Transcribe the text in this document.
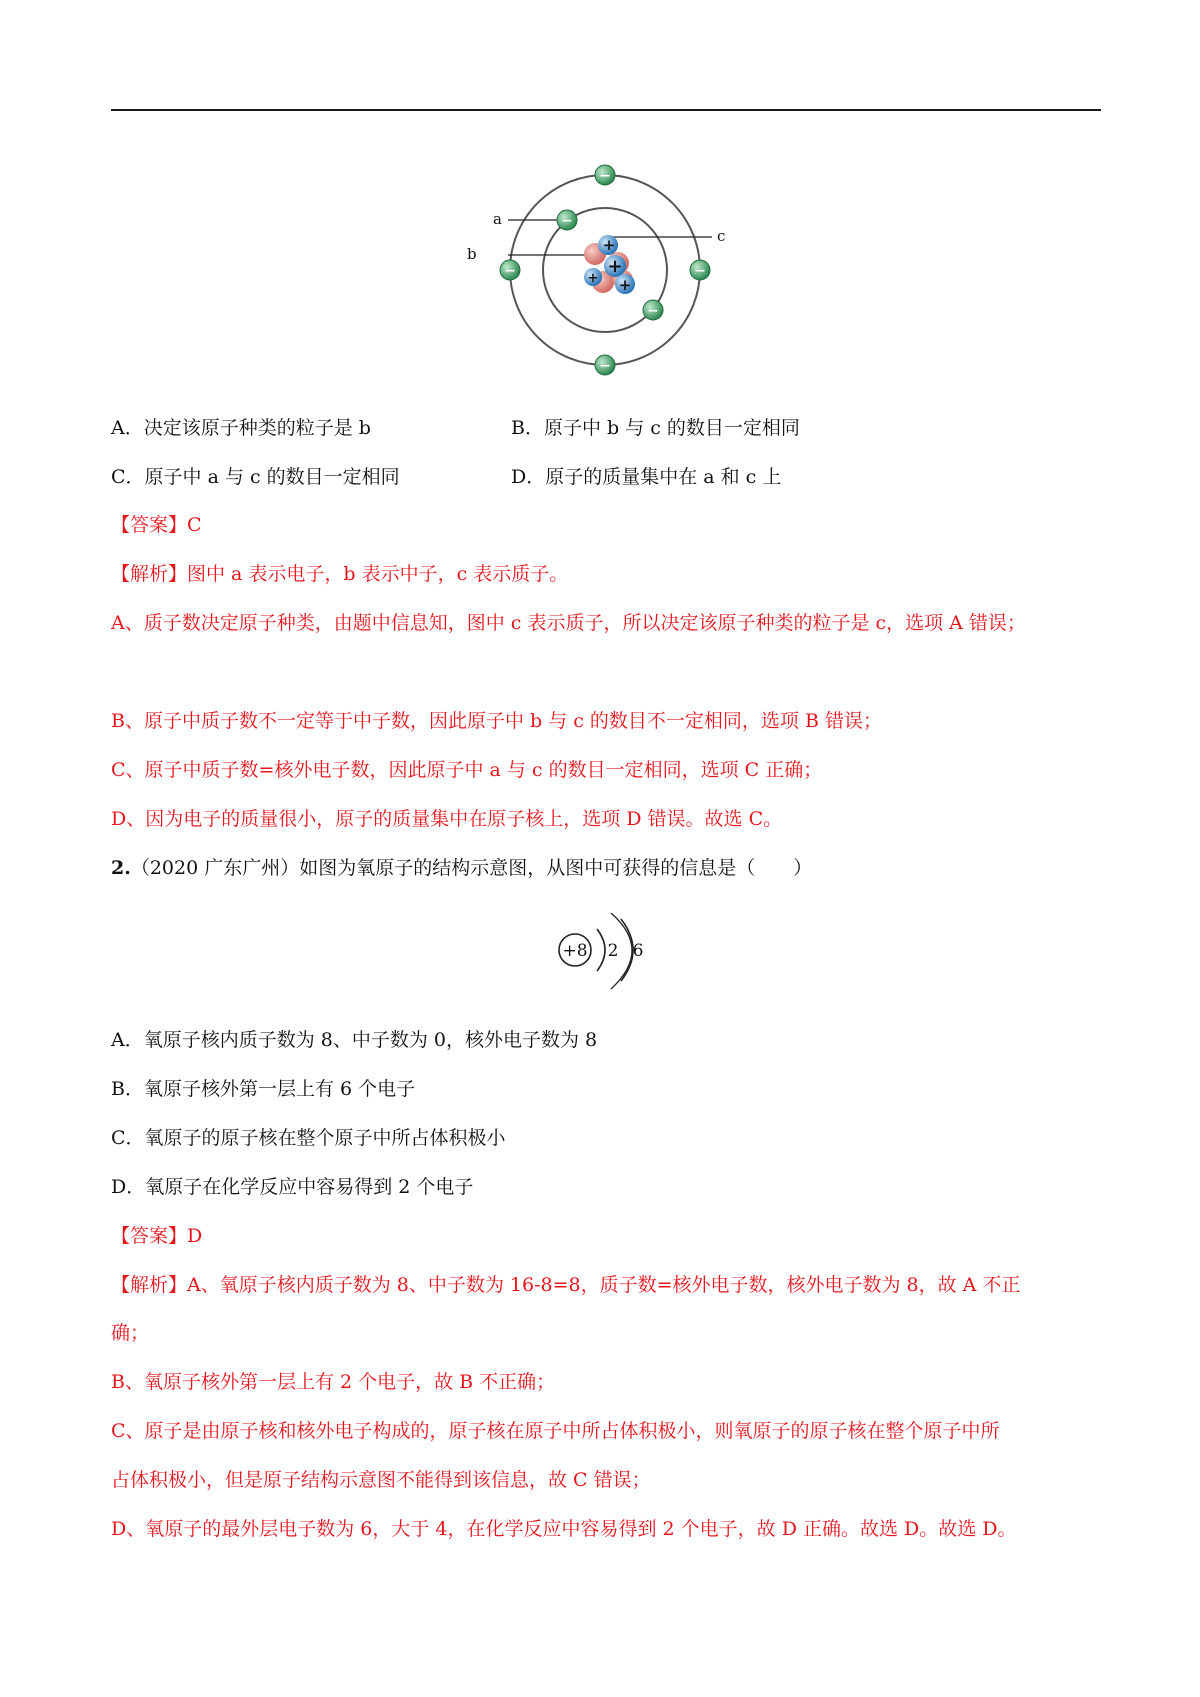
+
+
+ +
−
−
−	−
−
−
a
b
c
A．决定该原子种类的粒子是 b	B．原子中 b 与 c 的数目一定相同
C．原子中 a 与 c 的数目一定相同	D．原子的质量集中在 a 和 c 上
【答案】C
【解析】图中 a 表示电子，b 表示中子，c 表示质子。
A、质子数决定原子种类，由题中信息知，图中 c 表示质子，所以决定该原子种类的粒子是 c，选项 A 错误；
B、原子中质子数不一定等于中子数，因此原子中 b 与 c 的数目不一定相同，选项 B 错误；
C、原子中质子数=核外电子数，因此原子中 a 与 c 的数目一定相同，选项 C 正确；
D、因为电子的质量很小，原子的质量集中在原子核上，选项 D 错误。故选 C。
2.（2020 广东广州）如图为氧原子的结构示意图，从图中可获得的信息是（　　）
+8 2 6
A．氧原子核内质子数为 8、中子数为 0，核外电子数为 8
B．氧原子核外第一层上有 6 个电子
C．氧原子的原子核在整个原子中所占体积极小
D．氧原子在化学反应中容易得到 2 个电子
【答案】D
【解析】A、氧原子核内质子数为 8、中子数为 16-8=8，质子数=核外电子数，核外电子数为 8，故 A 不正
确；
B、氧原子核外第一层上有 2 个电子，故 B 不正确；
C、原子是由原子核和核外电子构成的，原子核在原子中所占体积极小，则氧原子的原子核在整个原子中所
占体积极小，但是原子结构示意图不能得到该信息，故 C 错误；
D、氧原子的最外层电子数为 6，大于 4，在化学反应中容易得到 2 个电子，故 D 正确。故选 D。故选 D。
